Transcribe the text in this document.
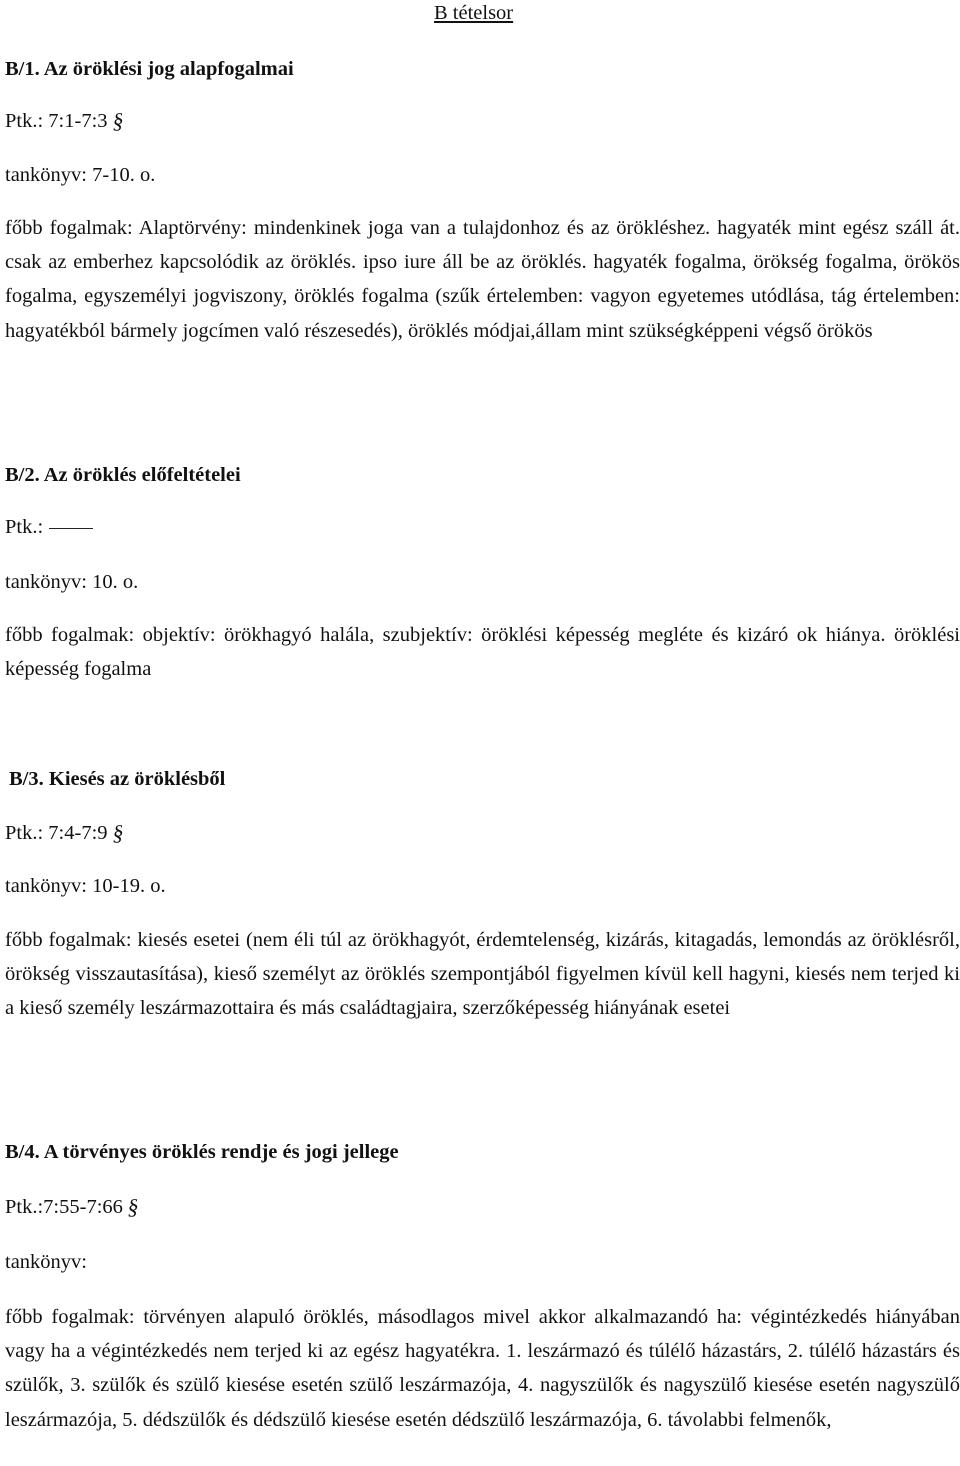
B tételsor
B/1. Az öröklési jog alapfogalmai
Ptk.: 7:1-7:3 §
tankönyv: 7-10. o.
főbb fogalmak: Alaptörvény: mindenkinek joga van a tulajdonhoz és az örökléshez. hagyaték mint egész száll át. csak az emberhez kapcsolódik az öröklés. ipso iure áll be az öröklés. hagyaték fogalma, örökség fogalma, örökös fogalma, egyszemélyi jogviszony, öröklés fogalma (szűk értelemben: vagyon egyetemes utódlása, tág értelemben: hagyatékból bármely jogcímen való részesedés), öröklés módjai,állam mint szükségképpeni végső örökös
B/2. Az öröklés előfeltételei
Ptk.:
tankönyv: 10. o.
főbb fogalmak: objektív: örökhagyó halála, szubjektív: öröklési képesség megléte és kizáró ok hiánya. öröklési képesség fogalma
B/3. Kiesés az öröklésből
Ptk.: 7:4-7:9 §
tankönyv: 10-19. o.
főbb fogalmak: kiesés esetei (nem éli túl az örökhagyót, érdemtelenség, kizárás, kitagadás, lemondás az öröklésről, örökség visszautasítása), kieső személyt az öröklés szempontjából figyelmen kívül kell hagyni, kiesés nem terjed ki a kieső személy leszármazottaira és más családtagjaira, szerzőképesség hiányának esetei
B/4. A törvényes öröklés rendje és jogi jellege
Ptk.:7:55-7:66 §
tankönyv:
főbb fogalmak: törvényen alapuló öröklés, másodlagos mivel akkor alkalmazandó ha: végintézkedés hiányában vagy ha a végintézkedés nem terjed ki az egész hagyatékra. 1. leszármazó és túlélő házastárs, 2. túlélő házastárs és szülők, 3. szülők és szülő kiesése esetén szülő leszármazója, 4. nagyszülők és nagyszülő kiesése esetén nagyszülő leszármazója, 5. dédszülők és dédszülő kiesése esetén dédszülő leszármazója, 6. távolabbi felmenők,
